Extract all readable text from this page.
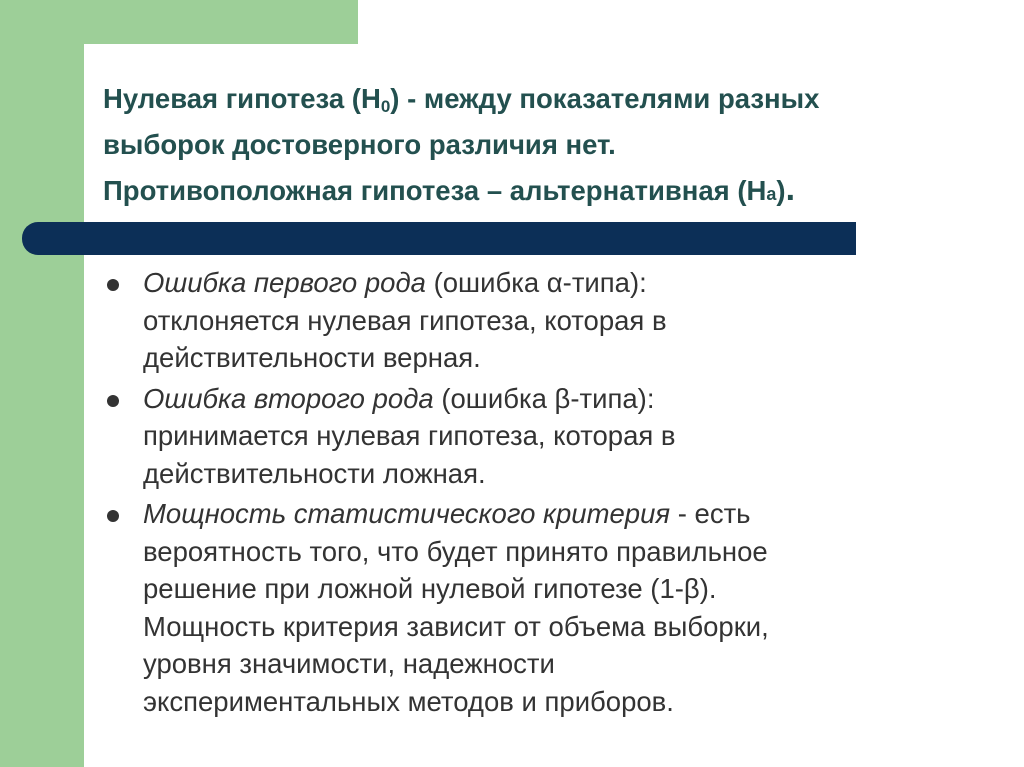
Нулевая гипотеза $(Н_0)$ - между показателями разных
выборок достоверного различия нет.
Противоположная гипотеза – альтернативная (На).
Ошибка первого рода (ошибка α-типа):
отклоняется нулевая гипотеза, которая в
действительности верная.
Ошибка второго рода (ошибка β-типа):
принимается нулевая гипотеза, которая в
действительности ложная.
Мощность статистического критерия - есть
вероятность того, что будет принято правильное
решение при ложной нулевой гипотезе (1-β).
Мощность критерия зависит от объема выборки,
уровня значимости, надежности
экспериментальных методов и приборов.
